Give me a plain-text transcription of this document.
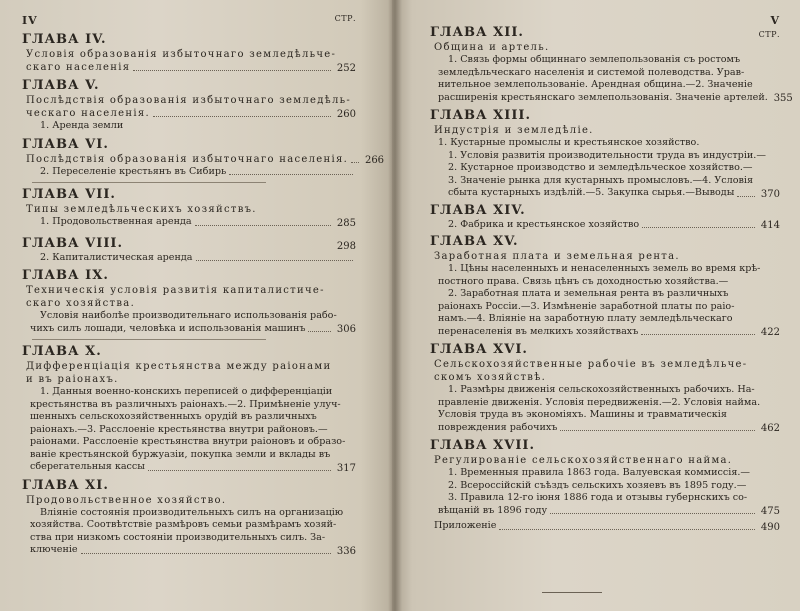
IV	СТР.
ГЛАВА IV.
Условія образованія избыточнаго земледѣльче-
скаго населенія	252
ГЛАВА V.
Послѣдствія образованія избыточнаго земледѣль-
ческаго населенія.	260
1. Аренда земли
ГЛАВА VI.
Послѣдствія образованія избыточнаго населенія. 266
2. Переселеніе крестьянъ въ Сибирь
ГЛАВА VII.
Типы земледѣльческихъ хозяйствъ.
1. Продовольственная аренда	285
ГЛАВА VIII.	298
2. Капиталистическая аренда
ГЛАВА IX.
Техническія условія развитія капиталистиче-
скаго хозяйства.
Условія наиболѣе производительнаго использованія рабо-
чихъ силъ лошади, человѣка и использованія машинъ	306
ГЛАВА X.
Дифференціація крестьянства между раіонами
и въ раіонахъ.
1. Данныя военно-конскихъ переписей о дифференціаціи
крестьянства въ различныхъ раіонахъ.—2. Примѣненіе улуч-
шенныхъ сельскохозяйственныхъ орудій въ различныхъ
раіонахъ.—3. Расслоеніе крестьянства внутри районовъ.—
раіонами. Расслоеніе крестьянства внутри раіоновъ и образо-
ваніе крестьянской буржуазіи, покупка земли и вклады въ
сберегательныя кассы	317
ГЛАВА XI.
Продовольственное хозяйство.
Вліяніе состоянія производительныхъ силъ на организацію
хозяйства. Соотвѣтствіе размѣровъ семьи размѣрамъ хозяй-
ства при низкомъ состояніи производительныхъ силъ. За-
ключеніе	336
V
ГЛАВА XII.	СТР.
Община и артель.
1. Связь формы общиннаго землепользованія съ ростомъ
земледѣльческаго населенія и системой полеводства. Урав-
нительное землепользованіе. Арендная община.—2. Значеніе
расширенія крестьянскаго землепользованія. Значеніе артелей. 355
ГЛАВА XIII.
Индустрія и земледѣліе.
1. Кустарные промыслы и крестьянское хозяйство.
1. Условія развитія производительности труда въ индустріи.—
2. Кустарное производство и земледѣльческое хозяйство.—
3. Значеніе рынка для кустарныхъ промысловъ.—4. Условія
сбыта кустарныхъ издѣлій.—5. Закупка сырья.—Выводы	370
ГЛАВА XIV.
2. Фабрика и крестьянское хозяйство	414
ГЛАВА XV.
Заработная плата и земельная рента.
1. Цѣны населенныхъ и ненаселенныхъ земель во время крѣ-
постного права. Связь цѣнъ съ доходностью хозяйства.—
2. Заработная плата и земельная рента въ различныхъ
раіонахъ Россіи.—3. Измѣненіе заработной платы по раіо-
намъ.—4. Вліяніе на заработную плату земледѣльческаго
перенаселенія въ мелкихъ хозяйствахъ	422
ГЛАВА XVI.
Сельскохозяйственные рабочіе въ земледѣльче-
скомъ хозяйствѣ.
1. Размѣры движенія сельскохозяйственныхъ рабочихъ. На-
правленіе движенія. Условія передвиженія.—2. Условія найма.
Условія труда въ экономіяхъ. Машины и травматическія
повреждения рабочихъ	462
ГЛАВА XVII.
Регулированіе сельскохозяйственнаго найма.
1. Временныя правила 1863 года. Валуевская коммиссія.—
2. Всероссійскій съѣздъ сельскихъ хозяевъ въ 1895 году.—
3. Правила 12-го іюня 1886 года и отзывы губернскихъ со-
вѣщаній въ 1896 году	475
Приложеніе	490
